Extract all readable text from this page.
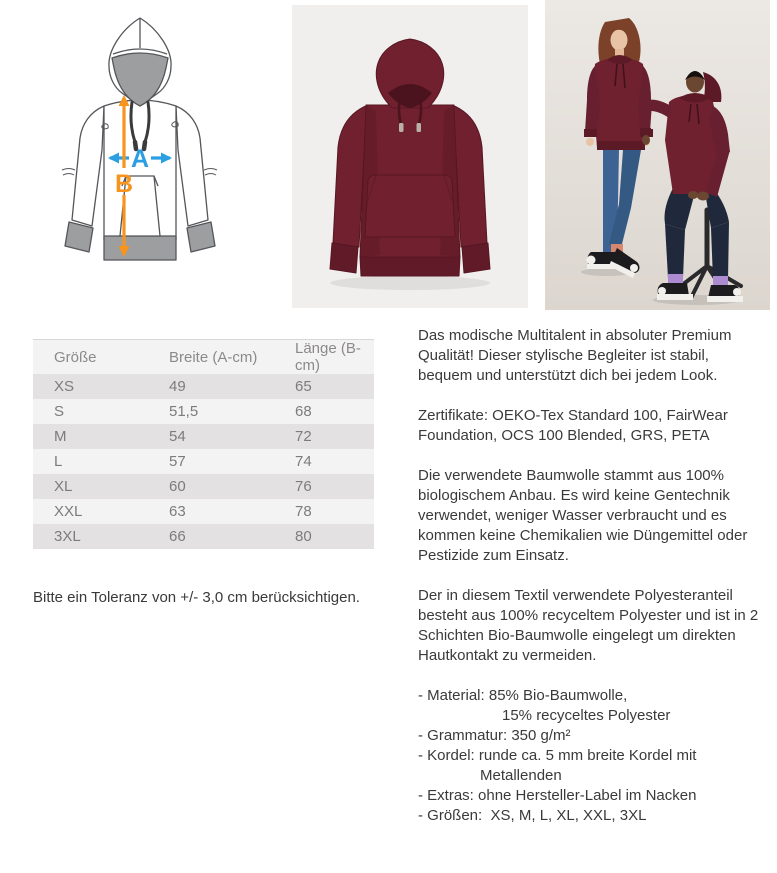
A
B
Größe	Breite (A-cm)	Länge (B-cm)
XS	49	65
S	51,5	68
M	54	72
L	57	74
XL	60	76
XXL	63	78
3XL	66	80

Bitte ein Toleranz von +/- 3,0 cm berücksichtigen.

Das modische Multitalent in absoluter Premium Qualität! Dieser stylische Begleiter ist stabil, bequem und unterstützt dich bei jedem Look.

Zertifikate: OEKO-Tex Standard 100, FairWear Foundation, OCS 100 Blended, GRS, PETA

Die verwendete Baumwolle stammt aus 100% biologischem Anbau. Es wird keine Gentechnik verwendet, weniger Wasser verbraucht und es kommen keine Chemikalien wie Düngemittel oder Pestizide zum Einsatz.

Der in diesem Textil verwendete Polyesteranteil besteht aus 100% recyceltem Polyester und ist in 2 Schichten Bio-Baumwolle eingelegt um direkten Hautkontakt zu vermeiden.

- Material: 85% Bio-Baumwolle,
15% recyceltes Polyester
- Grammatur: 350 g/m²
- Kordel: runde ca. 5 mm breite Kordel mit
Metallenden
- Extras: ohne Hersteller-Label im Nacken
- Größen:  XS, M, L, XL, XXL, 3XL
